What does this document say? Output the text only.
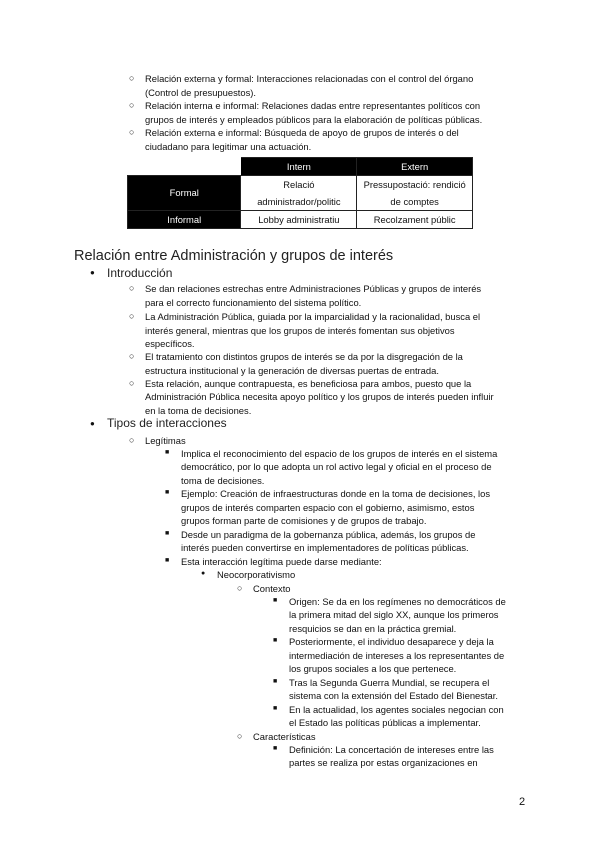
○ Relación externa y formal: Interacciones relacionadas con el control del órgano
(Control de presupuestos).
○ Relación interna e informal: Relaciones dadas entre representantes políticos con
grupos de interés y empleados públicos para la elaboración de políticas públicas.
○ Relación externa e informal: Búsqueda de apoyo de grupos de interés o del
ciudadano para legitimar una actuación.
	Intern	Extern
Formal	Relació	Pressupostació: rendició
	administrador/politic	de comptes
Informal	Lobby administratiu	Recolzament públic
Relación entre Administración y grupos de interés
● Introducción
○ Se dan relaciones estrechas entre Administraciones Públicas y grupos de interés
para el correcto funcionamiento del sistema político.
○ La Administración Pública, guiada por la imparcialidad y la racionalidad, busca el
interés general, mientras que los grupos de interés fomentan sus objetivos
específicos.
○ El tratamiento con distintos grupos de interés se da por la disgregación de la
estructura institucional y la generación de diversas puertas de entrada.
○ Esta relación, aunque contrapuesta, es beneficiosa para ambos, puesto que la
Administración Pública necesita apoyo político y los grupos de interés pueden influir
en la toma de decisiones.
● Tipos de interacciones
○ Legítimas
■ Implica el reconocimiento del espacio de los grupos de interés en el sistema
democrático, por lo que adopta un rol activo legal y oficial en el proceso de
toma de decisiones.
■ Ejemplo: Creación de infraestructuras donde en la toma de decisiones, los
grupos de interés comparten espacio con el gobierno, asimismo, estos
grupos forman parte de comisiones y de grupos de trabajo.
■ Desde un paradigma de la gobernanza pública, además, los grupos de
interés pueden convertirse en implementadores de políticas públicas.
■ Esta interacción legítima puede darse mediante:
● Neocorporativismo
○ Contexto
■ Origen: Se da en los regímenes no democráticos de
la primera mitad del siglo XX, aunque los primeros
resquicios se dan en la práctica gremial.
■ Posteriormente, el individuo desaparece y deja la
intermediación de intereses a los representantes de
los grupos sociales a los que pertenece.
■ Tras la Segunda Guerra Mundial, se recupera el
sistema con la extensión del Estado del Bienestar.
■ En la actualidad, los agentes sociales negocian con
el Estado las políticas públicas a implementar.
○ Características
■ Definición: La concertación de intereses entre las
partes se realiza por estas organizaciones en
2
